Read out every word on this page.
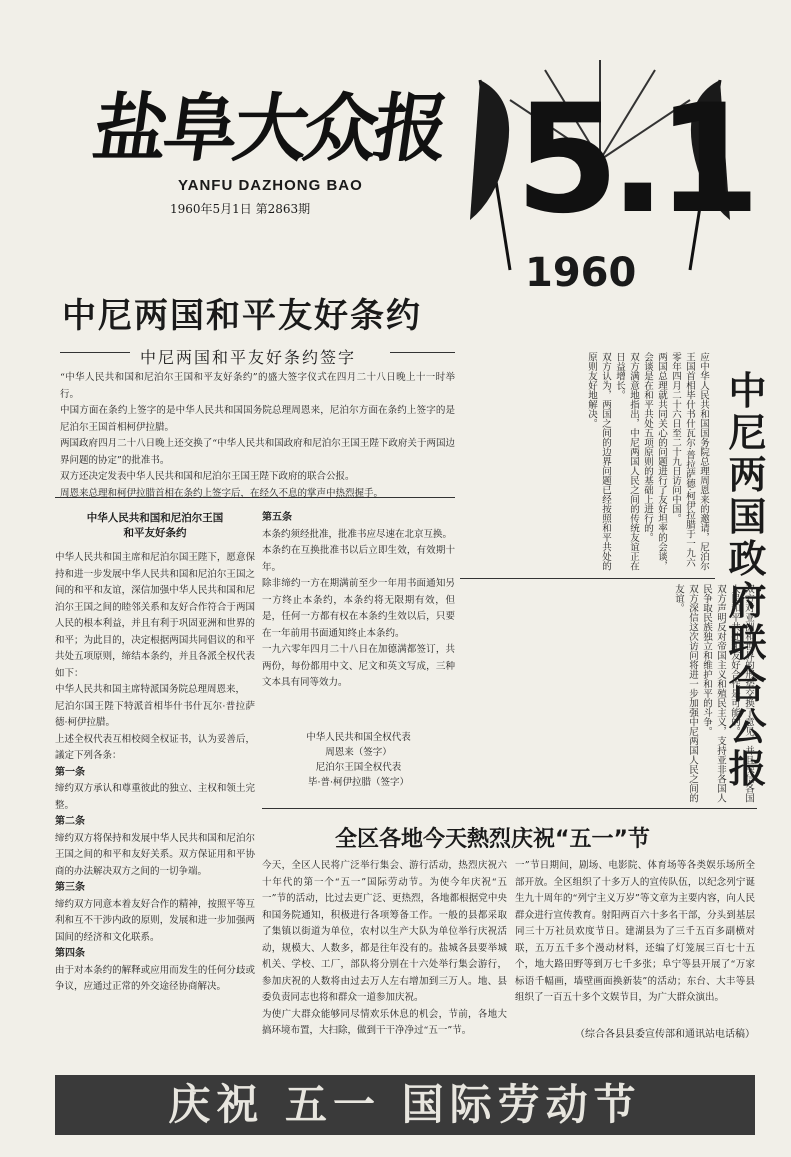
盐阜大众报
YANFU DAZHONG BAO
1960年5月1日 第2863期 5.1
1960
中尼两国和平友好条约
中尼两国和平友好条约签字
“中华人民共和国和尼泊尔王国和平友好条约”的盛大签字仪式在四月二十八日晚上十一时举行。
中国方面在条约上签字的是中华人民共和国国务院总理周恩来，尼泊尔方面在条约上签字的是尼泊尔王国首相柯伊拉腊。
两国政府四月二十八日晚上还交换了“中华人民共和国政府和尼泊尔王国王陛下政府关于两国边界问题的协定”的批准书。
双方还决定发表中华人民共和国和尼泊尔王国王陛下政府的联合公报。
周恩来总理和柯伊拉腊首相在条约上签字后，在经久不息的掌声中热烈握手。
中华人民共和国和尼泊尔王国
和平友好条约
中华人民共和国主席和尼泊尔国王陛下，愿意保持和进一步发展中华人民共和国和尼泊尔王国之间的和平和友谊，深信加强中华人民共和国和尼泊尔王国之间的睦邻关系和友好合作符合于两国人民的根本利益，并且有利于巩固亚洲和世界的和平；为此目的，决定根据两国共同倡议的和平共处五项原则，缔结本条约，并且各派全权代表如下：
中华人民共和国主席特派国务院总理周恩来，
尼泊尔国王陛下特派首相毕什书什瓦尔·普拉萨德·柯伊拉腊。
上述全权代表互相校阅全权证书，认为妥善后，議定下列各条：
第一条
缔约双方承认和尊重彼此的独立、主权和领土完整。
第二条
缔约双方将保持和发展中华人民共和国和尼泊尔王国之间的和平和友好关系。双方保证用和平协商的办法解决双方之间的一切争端。
第三条
缔约双方同意本着友好合作的精神，按照平等互利和互不干涉内政的原则，发展和进一步加强两国间的经济和文化联系。
第四条
由于对本条约的解释或应用而发生的任何分歧或争议，应通过正常的外交途径协商解决。
第五条
本条约须经批准，批准书应尽速在北京互换。
本条约在互换批准书以后立即生效，有效期十年。
除非缔约一方在期满前至少一年用书面通知另一方终止本条约，本条约将无限期有效，但是，任何一方都有权在本条约生效以后，只要在一年前用书面通知终止本条约。
一九六零年四月二十八日在加德满都签订，共两份，每份都用中文、尼文和英文写成，三种文本具有同等效力。
中华人民共和国全权代表
周恩来（签字）
尼泊尔王国全权代表
毕·普·柯伊拉腊（签字）
中尼两国政府联合公报
应中华人民共和国国务院总理周恩来的邀请，尼泊尔王国首相毕什书什瓦尔·普拉萨德·柯伊拉腊于一九六零年四月二十六日至二十九日访问中国。
两国总理就共同关心的问题进行了友好坦率的会谈，会谈是在和平共处五项原则的基础上进行的。
双方满意地指出，中尼两国人民之间的传统友谊正在日益增长。
双方认为，两国之间的边界问题已经按照和平共处的原则友好地解决。
双方对亚洲和世界的形势交换了意见，并且深信各国人民和平共处和友好合作是可能的。
双方声明反对帝国主义和殖民主义，支持亚非各国人民争取民族独立和维护和平的斗争。
双方深信这次访问将进一步加强中尼两国人民之间的友谊。
全区各地今天熱烈庆祝“五一”节
今天，全区人民将广泛举行集会、游行活动，热烈庆祝六十年代的第一个“五一”国际劳动节。为使今年庆祝“五一”节的活动，比过去更广泛、更热烈，各地都根据党中央和国务院通知，积极进行各项筹备工作。一般的县都采取了集镇以街道为单位，农村以生产大队为单位举行庆祝活动，规模大、人数多，都是往年没有的。盐城各县要举城机关、学校、工厂，部队将分别在十六处举行集会游行，参加庆祝的人数将由过去万人左右增加到三万人。地、县委负责同志也将和群众一道参加庆祝。
为使广大群众能够同尽情欢乐休息的机会，节前，各地大搞环境布置，大扫除，做到干干净净过“五一”节。
一”节日期间，剧场、电影院、体育场等各类娱乐场所全部开放。全区组织了十多万人的宣传队伍，以纪念列宁诞生九十周年的“列宁主义万岁”等文章为主要内容，向人民群众进行宣传教育。射阳两百六十多名干部，分头到基层同三十万社员欢度节日。建湖县为了三千五百多副横对联，五万五千多个漫动材料，还编了灯笼展三百七十五个，地大路田野等到万七千多张；阜宁等县开展了“万家标语千幅画，墙壁画面换新装”的活动；东台、大丰等县组织了一百五十多个文娱节目，为广大群众演出。
（综合各县县委宣传部和通讯站电话稿）
庆祝 五一 国际劳动节
